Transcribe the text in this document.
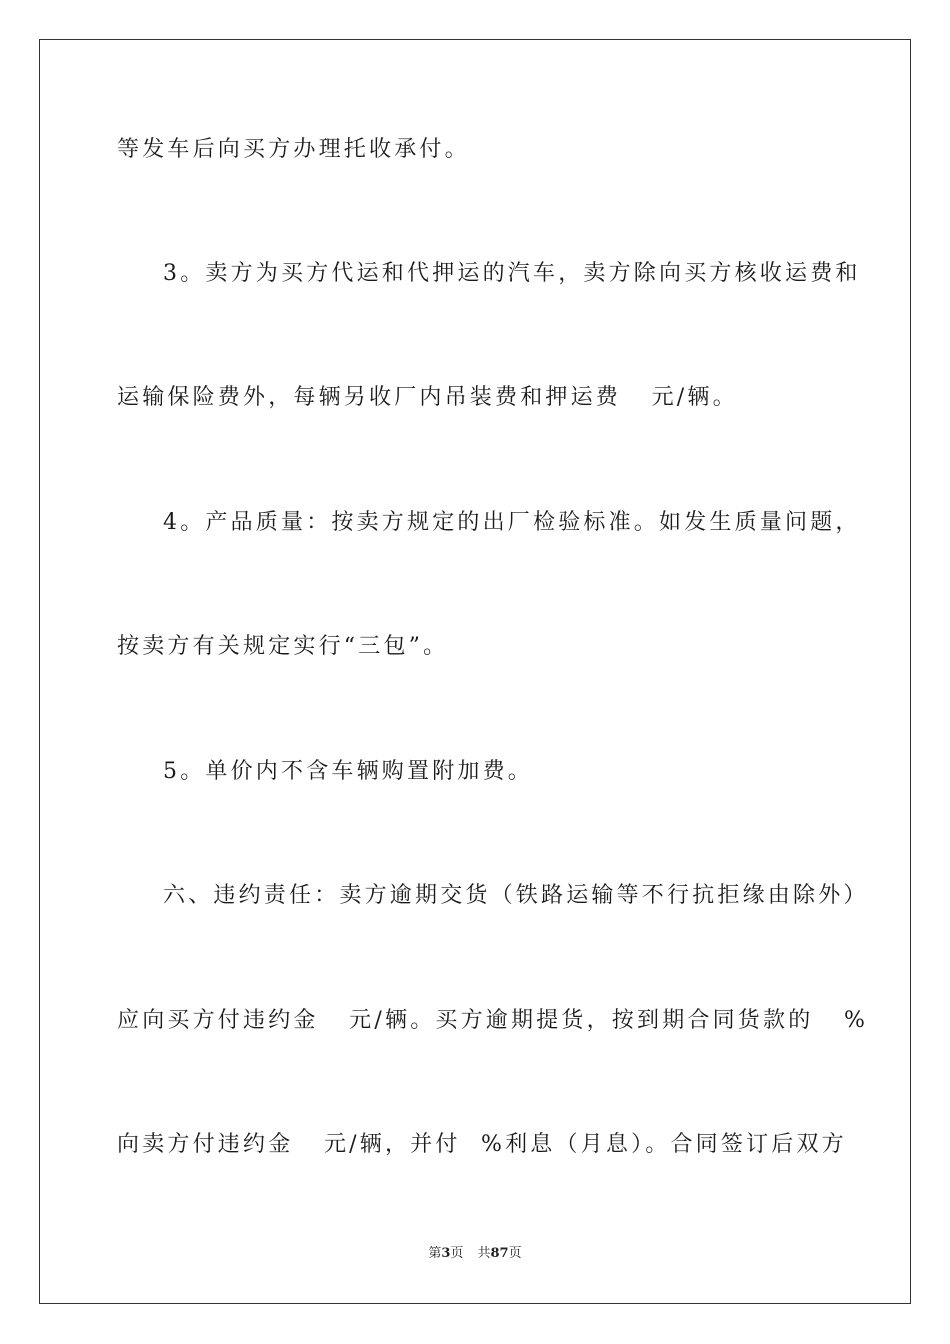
等发车后向买方办理托收承付。
3。卖方为买方代运和代押运的汽车，卖方除向买方核收运费和
运输保险费外，每辆另收厂内吊装费和押运费   元/辆。
4。产品质量：按卖方规定的出厂检验标准。如发生质量问题，
按卖方有关规定实行“三包”。
5。单价内不含车辆购置附加费。
六、违约责任：卖方逾期交货（铁路运输等不行抗拒缘由除外）
应向买方付违约金   元/辆。买方逾期提货，按到期合同货款的   %
向卖方付违约金   元/辆，并付  %利息（月息）。合同签订后双方
第3页 共87页
